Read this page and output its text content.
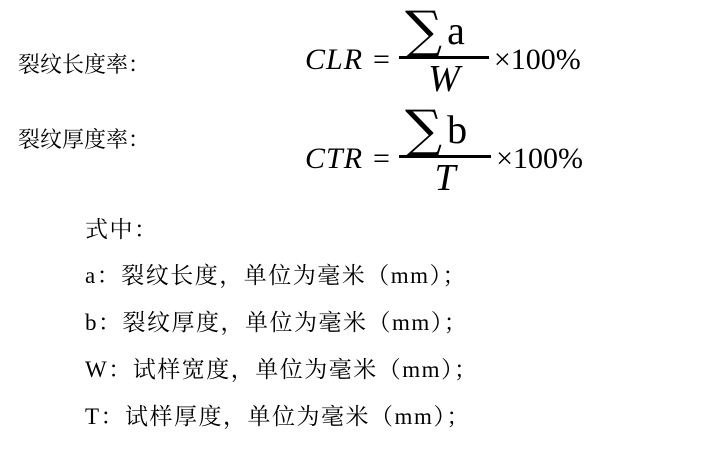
裂纹长度率：	CLR = $\frac{\sum a}{W} \times 100\%$
裂纹厚度率：
CTR = $\frac{\sum b}{T} \times 100\%$
式中：
a：裂纹长度，单位为毫米（mm）；
b：裂纹厚度，单位为毫米（mm）；
W：试样宽度，单位为毫米（mm）；
T：试样厚度，单位为毫米（mm）；
